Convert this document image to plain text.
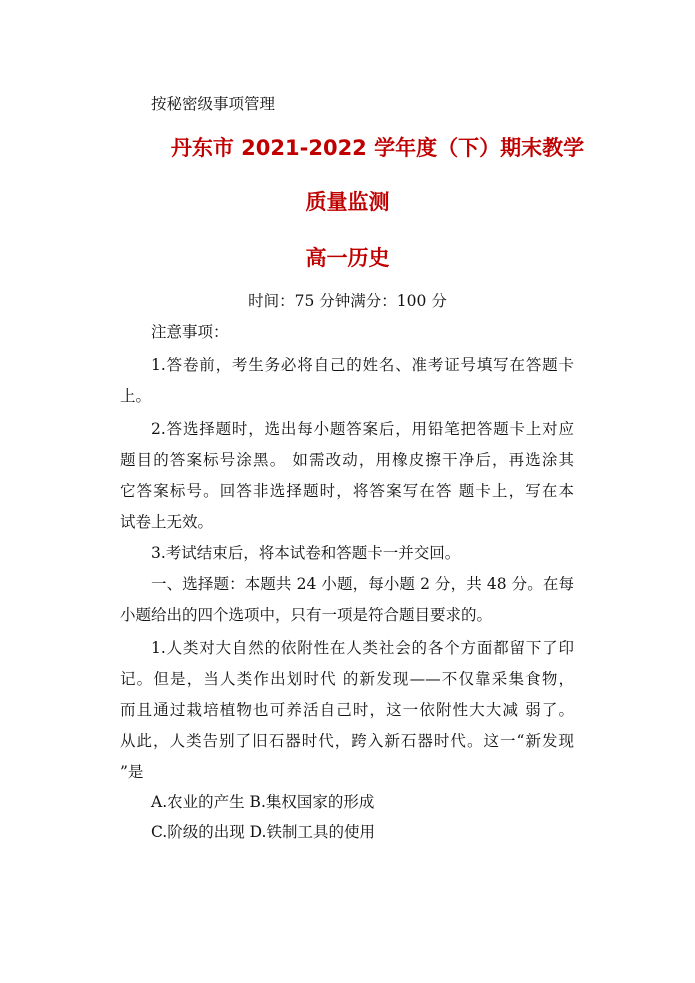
按秘密级事项管理
丹东市 2021-2022 学年度（下）期末教学
质量监测
高一历史
时间：75 分钟满分：100 分
注意事项：
1.答卷前，考生务必将自己的姓名、准考证号填写在答题卡
上。
2.答选择题时，选出每小题答案后，用铅笔把答题卡上对应
题目的答案标号涂黑。 如需改动，用橡皮擦干净后，再选涂其
它答案标号。回答非选择题时，将答案写在答 题卡上，写在本
试卷上无效。
3.考试结束后，将本试卷和答题卡一并交回。
一、选择题：本题共 24 小题，每小题 2 分，共 48 分。在每
小题给出的四个选项中，只有一项是符合题目要求的。
1.人类对大自然的依附性在人类社会的各个方面都留下了印
记。但是，当人类作出划时代 的新发现——不仅靠采集食物，
而且通过栽培植物也可养活自己时，这一依附性大大减 弱了。
从此，人类告别了旧石器时代，跨入新石器时代。这一“新发现
”是
A.农业的产生 B.集权国家的形成
C.阶级的出现 D.铁制工具的使用
